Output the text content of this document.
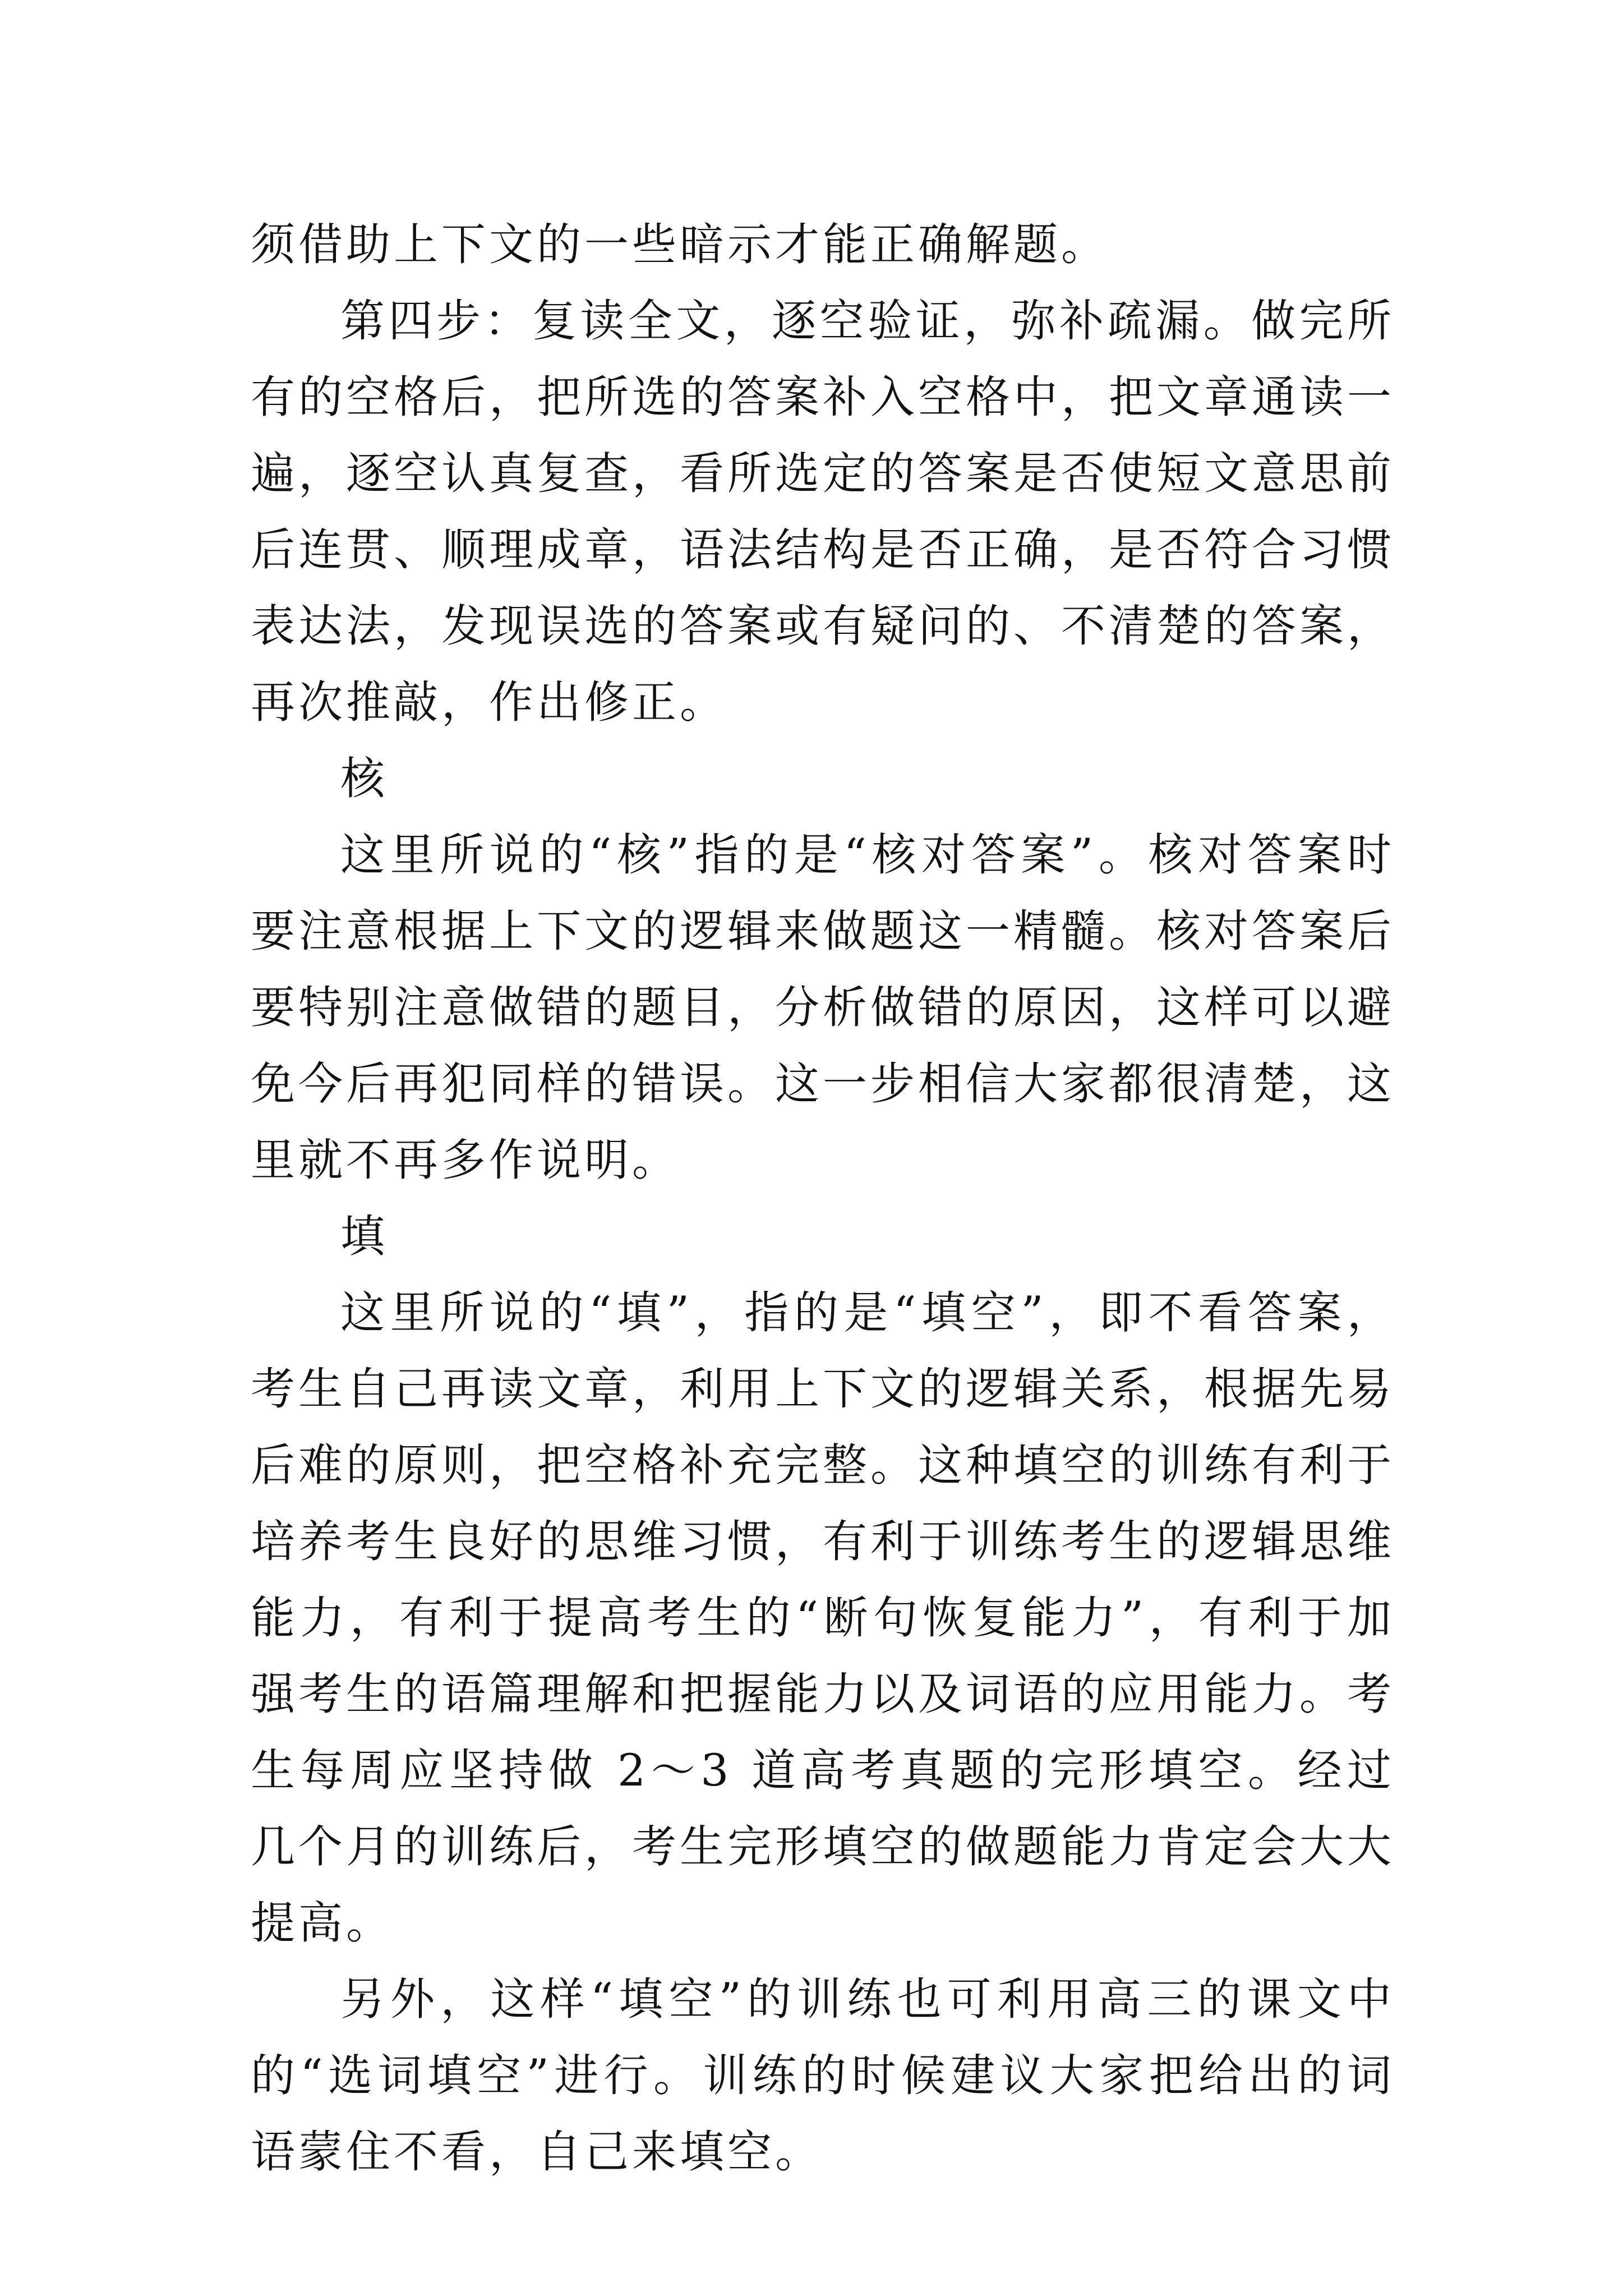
须借助上下文的一些暗示才能正确解题。

第四步：复读全文，逐空验证，弥补疏漏。做完所有的空格后，把所选的答案补入空格中，把文章通读一遍，逐空认真复查，看所选定的答案是否使短文意思前后连贯、顺理成章，语法结构是否正确，是否符合习惯表达法，发现误选的答案或有疑问的、不清楚的答案，再次推敲，作出修正。

核

这里所说的“核”指的是“核对答案”。核对答案时要注意根据上下文的逻辑来做题这一精髓。核对答案后要特别注意做错的题目，分析做错的原因，这样可以避免今后再犯同样的错误。这一步相信大家都很清楚，这里就不再多作说明。

填

这里所说的“填”，指的是“填空”，即不看答案，考生自己再读文章，利用上下文的逻辑关系，根据先易后难的原则，把空格补充完整。这种填空的训练有利于培养考生良好的思维习惯，有利于训练考生的逻辑思维能力，有利于提高考生的“断句恢复能力”，有利于加强考生的语篇理解和把握能力以及词语的应用能力。考生每周应坚持做 2～3 道高考真题的完形填空。经过几个月的训练后，考生完形填空的做题能力肯定会大大提高。

另外，这样“填空”的训练也可利用高三的课文中的“选词填空”进行。训练的时候建议大家把给出的词语蒙住不看，自己来填空。
